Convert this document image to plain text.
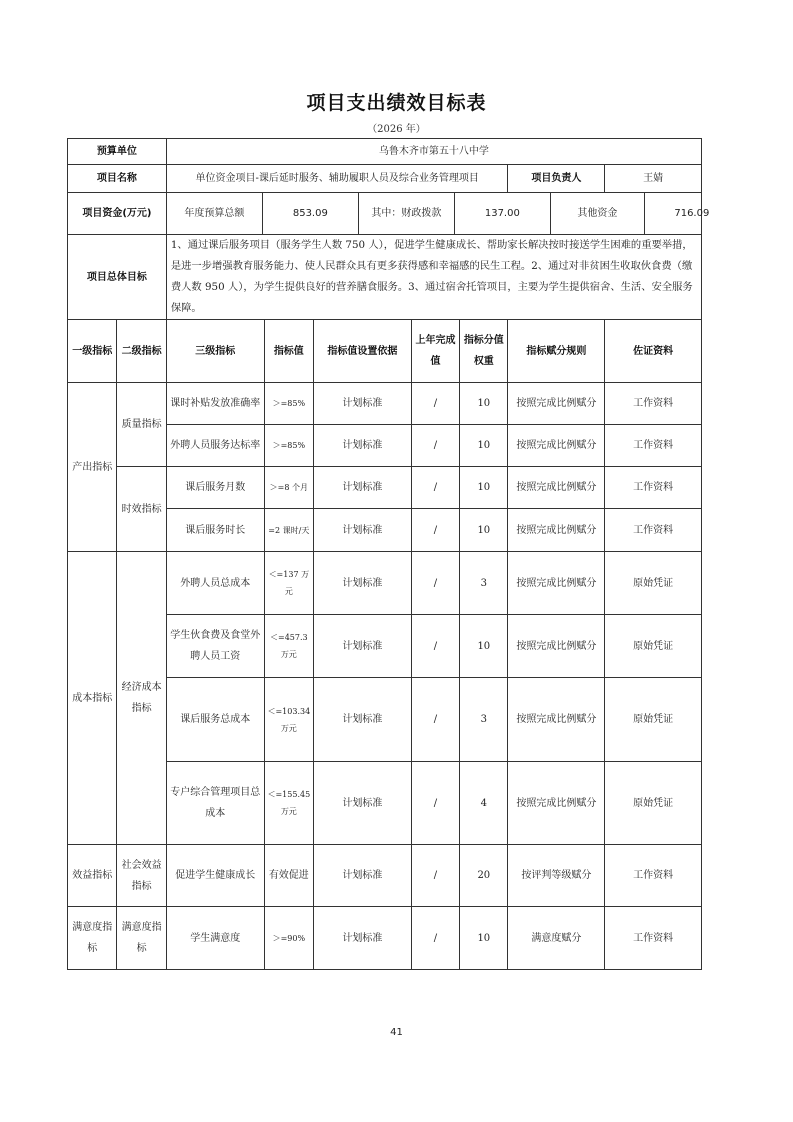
项目支出绩效目标表
（2026 年）
预算单位	乌鲁木齐市第五十八中学
项目名称	单位资金项目-课后延时服务、辅助履职人员及综合业务管理项目	项目负责人	王婧
项目资金(万元)		年度预算总额	853.09	其中：财政拨款	137.00	其他资金	716.09

项目总体目标	1、通过课后服务项目（服务学生人数 750 人），促进学生健康成长、帮助家长解决按时接送学生困难的重要举措，是进一步增强教育服务能力、使人民群众具有更多获得感和幸福感的民生工程。2、通过对非贫困生收取伙食费（缴费人数 950 人），为学生提供良好的营养膳食服务。3、通过宿舍托管项目，主要为学生提供宿舍、生活、安全服务保障。
一级指标	二级指标	三级指标	指标值	指标值设置依据	上年完成值	指标分值权重	指标赋分规则	佐证资料
产出指标	质量指标	课时补贴发放准确率	＞=85%	计划标准	/	10	按照完成比例赋分	工作资料
外聘人员服务达标率	＞=85%	计划标准	/	10	按照完成比例赋分	工作资料
时效指标	课后服务月数	＞=8 个月	计划标准	/	10	按照完成比例赋分	工作资料
课后服务时长	=2 课时/天	计划标准	/	10	按照完成比例赋分	工作资料
成本指标	经济成本指标	外聘人员总成本	＜=137 万元	计划标准	/	3	按照完成比例赋分	原始凭证
学生伙食费及食堂外聘人员工资	＜=457.3 万元	计划标准	/	10	按照完成比例赋分	原始凭证
课后服务总成本	＜=103.34 万元	计划标准	/	3	按照完成比例赋分	原始凭证
专户综合管理项目总成本	＜=155.45 万元	计划标准	/	4	按照完成比例赋分	原始凭证
效益指标	社会效益指标	促进学生健康成长	有效促进	计划标准	/	20	按评判等级赋分	工作资料
满意度指标	满意度指标	学生满意度	＞=90%	计划标准	/	10	满意度赋分	工作资料
41
